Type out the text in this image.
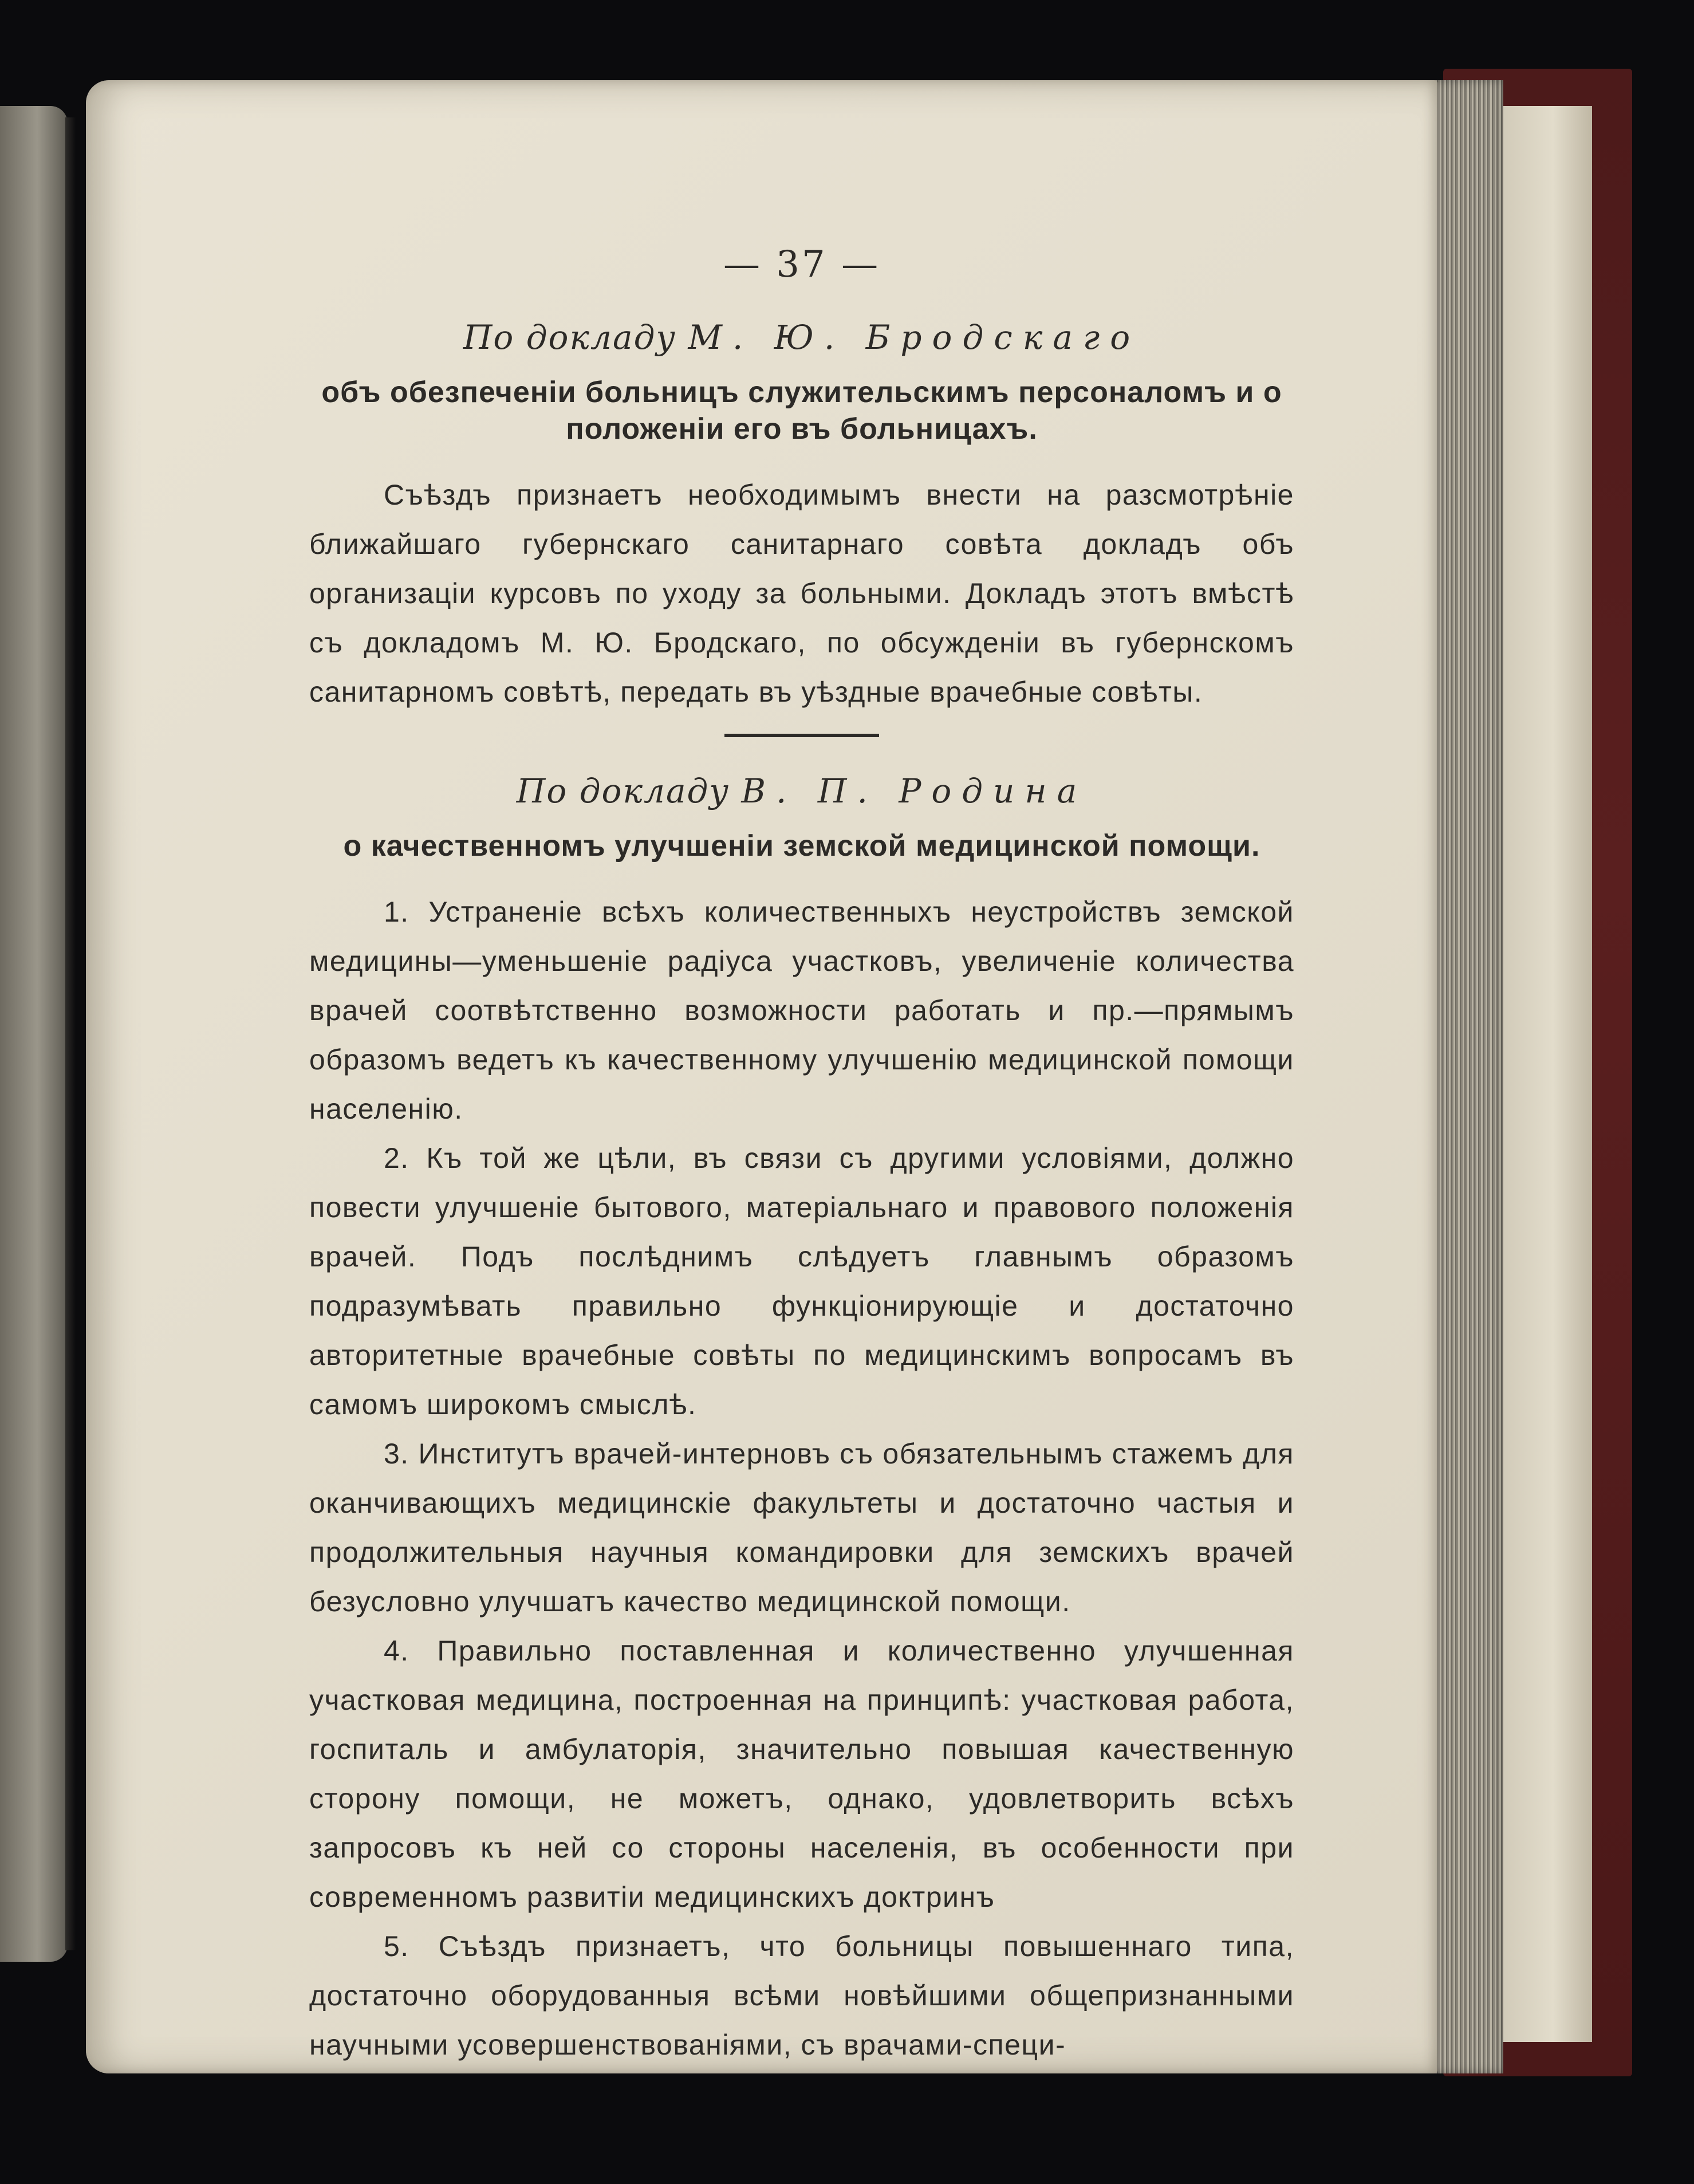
— 37 —
По докладу М. Ю. Бродскаго
объ обезпеченіи больницъ служительскимъ персоналомъ и о положеніи его въ больницахъ.

Съѣздъ признаетъ необходимымъ внести на разсмотрѣніе ближайшаго губернскаго санитарнаго совѣта докладъ объ организаціи курсовъ по уходу за больными. Докладъ этотъ вмѣстѣ съ докладомъ М. Ю. Бродскаго, по обсужденіи въ губернскомъ санитарномъ совѣтѣ, передать въ уѣздные врачебные совѣты.

По докладу В. П. Родина
о качественномъ улучшеніи земской медицинской помощи.

1. Устраненіе всѣхъ количественныхъ неустройствъ земской медицины—уменьшеніе радіуса участковъ, увеличеніе количества врачей соотвѣтственно возможности работать и пр.—прямымъ образомъ ведетъ къ качественному улучшенію медицинской помощи населенію.

2. Къ той же цѣли, въ связи съ другими условіями, должно повести улучшеніе бытового, матеріальнаго и правового положенія врачей. Подъ послѣднимъ слѣдуетъ главнымъ образомъ подразумѣвать правильно функціонирующіе и достаточно авторитетные врачебные совѣты по медицинскимъ вопросамъ въ самомъ широкомъ смыслѣ.

3. Институтъ врачей-интерновъ съ обязательнымъ стажемъ для оканчивающихъ медицинскіе факультеты и достаточно частыя и продолжительныя научныя командировки для земскихъ врачей безусловно улучшатъ качество медицинской помощи.

4. Правильно поставленная и количественно улучшенная участковая медицина, построенная на принципѣ: участковая работа, госпиталь и амбулаторія, значительно повышая качественную сторону помощи, не можетъ, однако, удовлетворить всѣхъ запросовъ къ ней со стороны населенія, въ особенности при современномъ развитіи медицинскихъ доктринъ

5. Съѣздъ признаетъ, что больницы повышеннаго типа, достаточно оборудованныя всѣми новѣйшими общепризнанными научными усовершенствованіями, съ врачами-специ-
